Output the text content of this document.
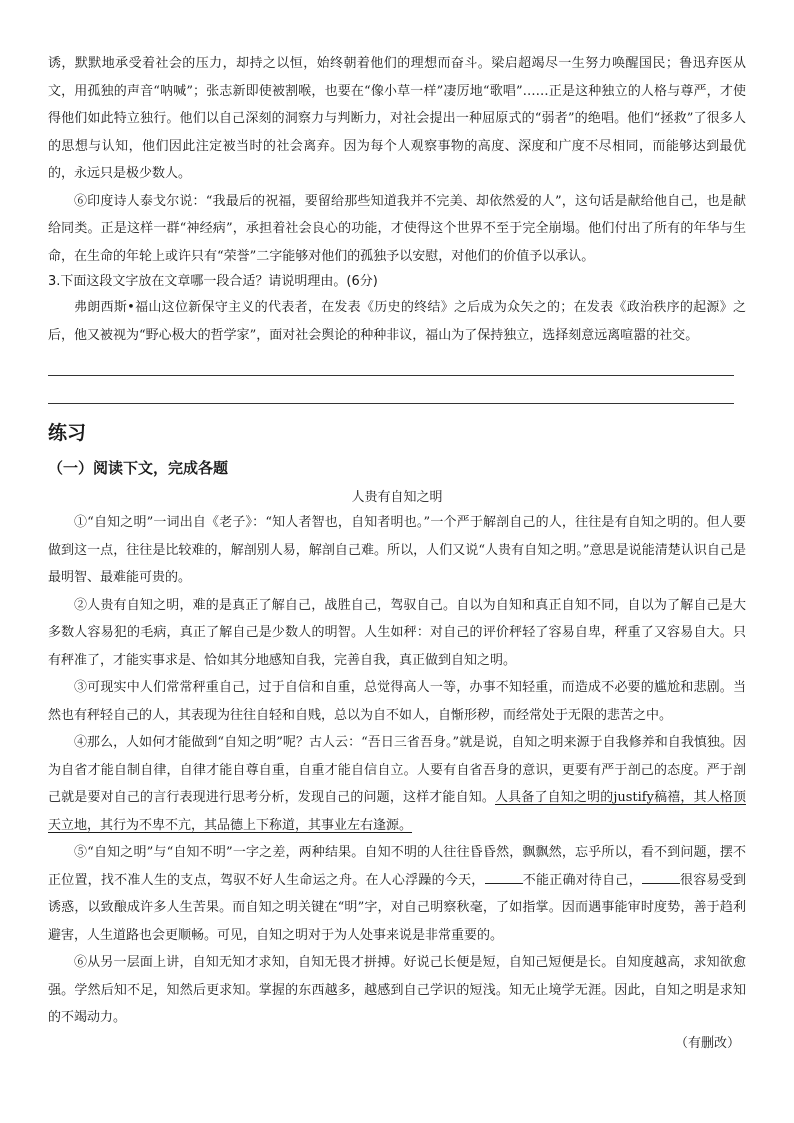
诱，默默地承受着社会的压力，却持之以恒，始终朝着他们的理想而奋斗。梁启超竭尽一生努力唤醒国民；鲁迅弃医从文，用孤独的声音“呐喊”；张志新即使被割喉，也要在“像小草一样”凄厉地“歌唱”……正是这种独立的人格与尊严，才使得他们如此特立独行。他们以自己深刻的洞察力与判断力，对社会提出一种屈原式的“弱者”的绝唱。他们“拯救”了很多人的思想与认知，他们因此注定被当时的社会离弃。因为每个人观察事物的高度、深度和广度不尽相同，而能够达到最优的，永远只是极少数人。

⑥印度诗人泰戈尔说：“我最后的祝福，要留给那些知道我并不完美、却依然爱的人”，这句话是献给他自己，也是献给同类。正是这样一群“神经病”，承担着社会良心的功能，才使得这个世界不至于完全崩塌。他们付出了所有的年华与生命，在生命的年轮上或许只有“荣誉”二字能够对他们的孤独予以安慰，对他们的价值予以承认。

3.下面这段文字放在文章哪一段合适？请说明理由。(6分)

弗朗西斯•福山这位新保守主义的代表者，在发表《历史的终结》之后成为众矢之的；在发表《政治秩序的起源》之后，他又被视为“野心极大的哲学家”，面对社会舆论的种种非议，福山为了保持独立，选择刻意远离喧嚣的社交。

练习

（一）阅读下文，完成各题

人贵有自知之明

①“自知之明”一词出自《老子》：“知人者智也，自知者明也。”一个严于解剖自己的人，往往是有自知之明的。但人要做到这一点，往往是比较难的，解剖别人易，解剖自己难。所以，人们又说“人贵有自知之明。”意思是说能清楚认识自己是最明智、最难能可贵的。

②人贵有自知之明，难的是真正了解自己，战胜自己，驾驭自己。自以为自知和真正自知不同，自以为了解自己是大多数人容易犯的毛病，真正了解自己是少数人的明智。人生如秤：对自己的评价秤轻了容易自卑，秤重了又容易自大。只有秤准了，才能实事求是、恰如其分地感知自我，完善自我，真正做到自知之明。

③可现实中人们常常秤重自己，过于自信和自重，总觉得高人一等，办事不知轻重，而造成不必要的尴尬和悲剧。当然也有秤轻自己的人，其表现为往往自轻和自贱，总以为自不如人，自惭形秽，而经常处于无限的悲苦之中。

④那么，人如何才能做到“自知之明”呢？古人云：“吾日三省吾身。”就是说，自知之明来源于自我修养和自我慎独。因为自省才能自制自律，自律才能自尊自重，自重才能自信自立。人要有自省吾身的意识，更要有严于剖己的态度。严于剖己就是要对自己的言行表现进行思考分析，发现自己的问题，这样才能自知。人具备了自知之明的justify稿禧，其人格顶天立地，其行为不卑不亢，其品德上下称道，其事业左右逢源。

⑤“自知之明”与“自知不明”一字之差，两种结果。自知不明的人往往昏昏然，飘飘然，忘乎所以，看不到问题，摆不正位置，找不准人生的支点，驾驭不好人生命运之舟。在人心浮躁的今天，	不能正确对待自己，	很容易受到诱惑，以致酿成许多人生苦果。而自知之明关键在“明”字，对自己明察秋毫，了如指掌。因而遇事能审时度势，善于趋利避害，人生道路也会更顺畅。可见，自知之明对于为人处事来说是非常重要的。

⑥从另一层面上讲，自知无知才求知，自知无畏才拼搏。好说己长便是短，自知己短便是长。自知度越高，求知欲愈强。学然后知不足，知然后更求知。掌握的东西越多，越感到自己学识的短浅。知无止境学无涯。因此，自知之明是求知的不竭动力。

（有删改）
